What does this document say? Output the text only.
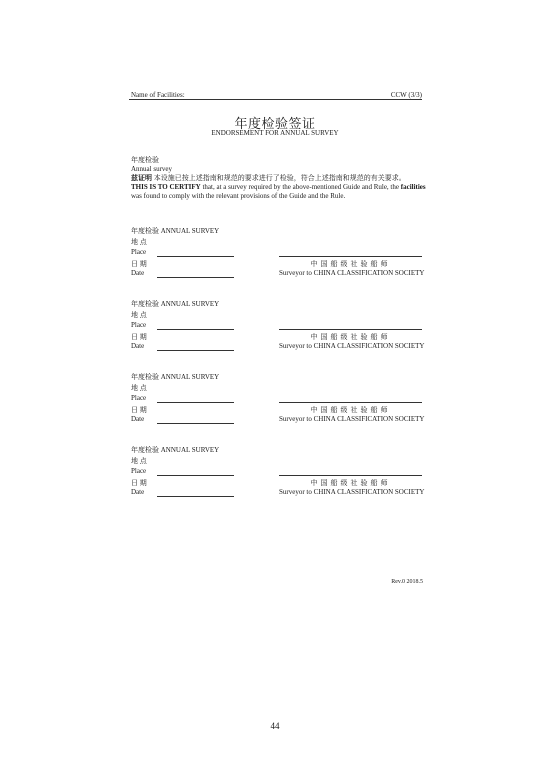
Name of Facilities:	CCW (3/3)
年度检验签证
ENDORSEMENT FOR ANNUAL SURVEY
年度检验
Annual survey
兹证明 本设施已按上述指南和规范的要求进行了检验，符合上述指南和规范的有关要求。
THIS IS TO CERTIFY that, at a survey required by the above-mentioned Guide and Rule, the facilities
was found to comply with the relevant provisions of the Guide and the Rule.
年度检验 ANNUAL SURVEY
地 点
Place
日 期	中国船级社验船师
Date	Surveyor to CHINA CLASSIFICATION SOCIETY
年度检验 ANNUAL SURVEY
地 点
Place
日 期	中国船级社验船师
Date	Surveyor to CHINA CLASSIFICATION SOCIETY
年度检验 ANNUAL SURVEY
地 点
Place
日 期	中国船级社验船师
Date	Surveyor to CHINA CLASSIFICATION SOCIETY
年度检验 ANNUAL SURVEY
地 点
Place
日 期	中国船级社验船师
Date	Surveyor to CHINA CLASSIFICATION SOCIETY
Rev.0 2018.5
44
